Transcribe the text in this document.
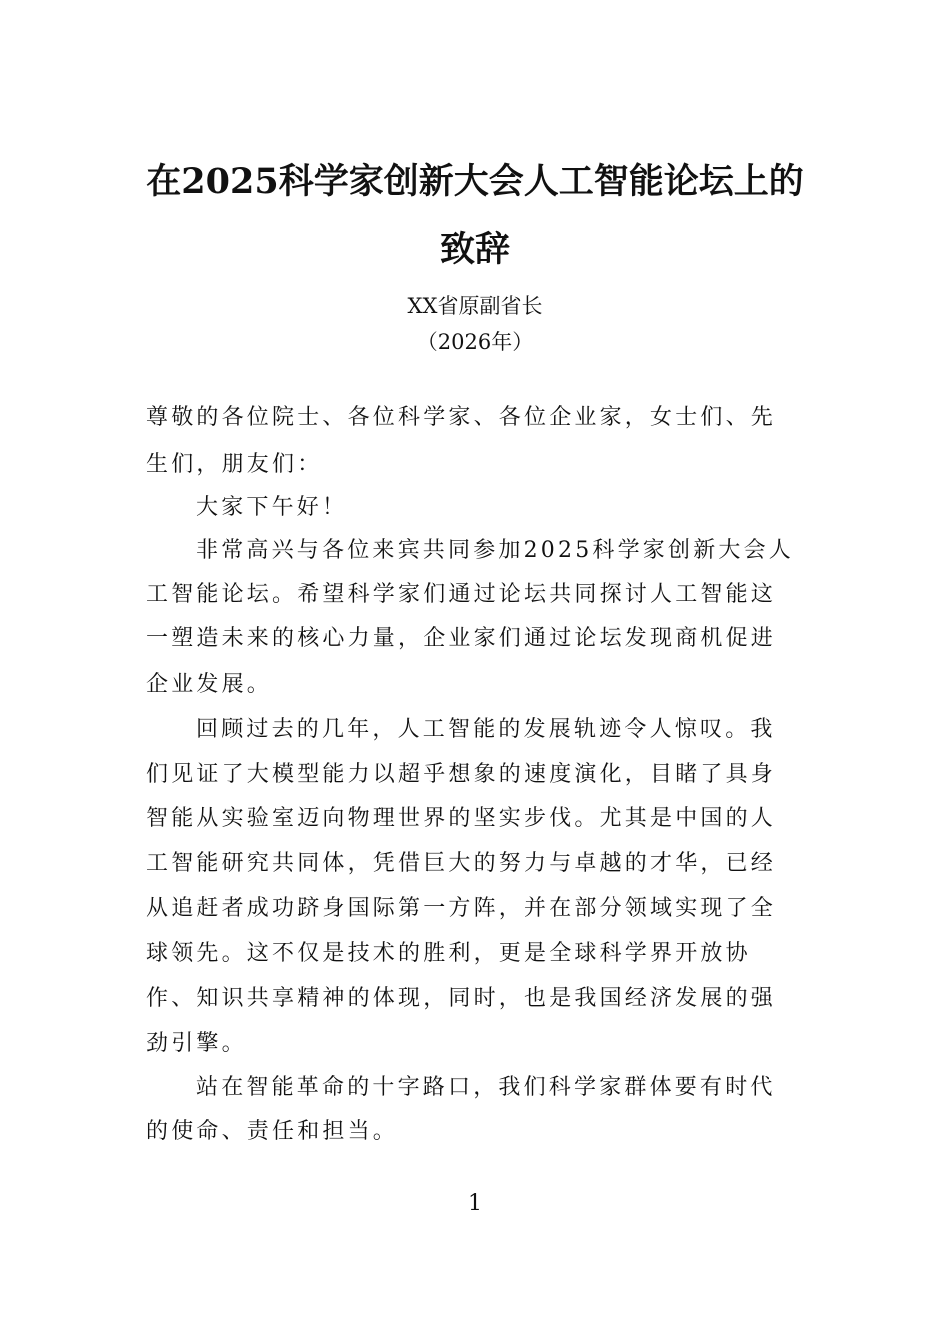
在2025科学家创新大会人工智能论坛上的
致辞
XX省原副省长
（2026年）
尊敬的各位院士、各位科学家、各位企业家，女士们、先
生们，朋友们：
大家下午好！
非常高兴与各位来宾共同参加2025科学家创新大会人
工智能论坛。希望科学家们通过论坛共同探讨人工智能这
一塑造未来的核心力量，企业家们通过论坛发现商机促进
企业发展。
回顾过去的几年，人工智能的发展轨迹令人惊叹。我
们见证了大模型能力以超乎想象的速度演化，目睹了具身
智能从实验室迈向物理世界的坚实步伐。尤其是中国的人
工智能研究共同体，凭借巨大的努力与卓越的才华，已经
从追赶者成功跻身国际第一方阵，并在部分领域实现了全
球领先。这不仅是技术的胜利，更是全球科学界开放协
作、知识共享精神的体现，同时，也是我国经济发展的强
劲引擎。
站在智能革命的十字路口，我们科学家群体要有时代
的使命、责任和担当。
1
